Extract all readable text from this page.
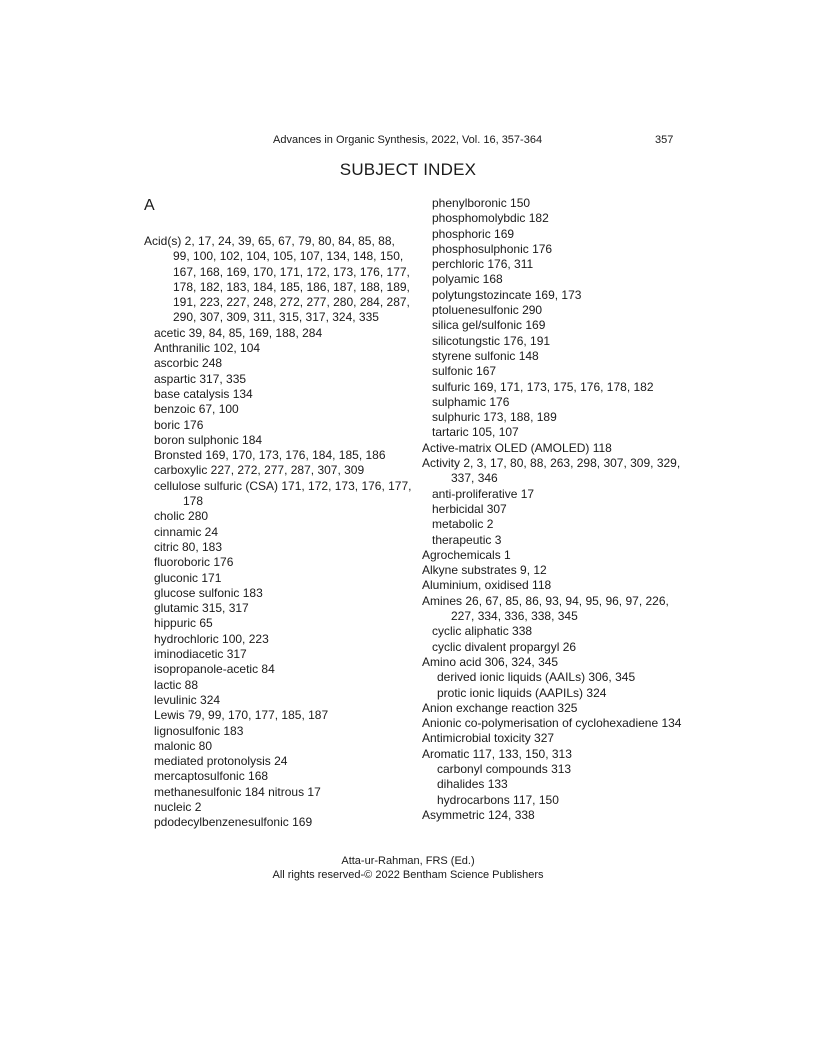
Advances in Organic Synthesis, 2022, Vol. 16, 357-364	357
SUBJECT INDEX
A
Acid(s) 2, 17, 24, 39, 65, 67, 79, 80, 84, 85, 88, 99, 100, 102, 104, 105, 107, 134, 148, 150, 167, 168, 169, 170, 171, 172, 173, 176, 177, 178, 182, 183, 184, 185, 186, 187, 188, 189, 191, 223, 227, 248, 272, 277, 280, 284, 287, 290, 307, 309, 311, 315, 317, 324, 335
acetic 39, 84, 85, 169, 188, 284
Anthranilic 102, 104
ascorbic 248
aspartic 317, 335
base catalysis 134
benzoic 67, 100
boric 176
boron sulphonic 184
Bronsted 169, 170, 173, 176, 184, 185, 186
carboxylic 227, 272, 277, 287, 307, 309
cellulose sulfuric (CSA) 171, 172, 173, 176, 177, 178
cholic 280
cinnamic 24
citric 80, 183
fluoroboric 176
gluconic 171
glucose sulfonic 183
glutamic 315, 317
hippuric 65
hydrochloric 100, 223
iminodiacetic 317
isopropanole-acetic 84
lactic 88
levulinic 324
Lewis 79, 99, 170, 177, 185, 187
lignosulfonic 183
malonic 80
mediated protonolysis 24
mercaptosulfonic 168
methanesulfonic 184 nitrous 17
nucleic 2
pdodecylbenzenesulfonic 169
phenylboronic 150
phosphomolybdic 182
phosphoric 169
phosphosulphonic 176
perchloric 176, 311
polyamic 168
polytungstozincate 169, 173
ptoluenesulfonic 290
silica gel/sulfonic 169
silicotungstic 176, 191
styrene sulfonic 148
sulfonic 167
sulfuric 169, 171, 173, 175, 176, 178, 182
sulphamic 176
sulphuric 173, 188, 189
tartaric 105, 107
Active-matrix OLED (AMOLED) 118
Activity 2, 3, 17, 80, 88, 263, 298, 307, 309, 329, 337, 346
anti-proliferative 17
herbicidal 307
metabolic 2
therapeutic 3
Agrochemicals 1
Alkyne substrates 9, 12
Aluminium, oxidised 118
Amines 26, 67, 85, 86, 93, 94, 95, 96, 97, 226, 227, 334, 336, 338, 345
cyclic aliphatic 338
cyclic divalent propargyl 26
Amino acid 306, 324, 345
derived ionic liquids (AAILs) 306, 345
protic ionic liquids (AAPILs) 324
Anion exchange reaction 325
Anionic co-polymerisation of cyclohexadiene 134
Antimicrobial toxicity 327
Aromatic 117, 133, 150, 313
carbonyl compounds 313
dihalides 133
hydrocarbons 117, 150
Asymmetric 124, 338
Atta-ur-Rahman, FRS (Ed.)
All rights reserved-© 2022 Bentham Science Publishers
